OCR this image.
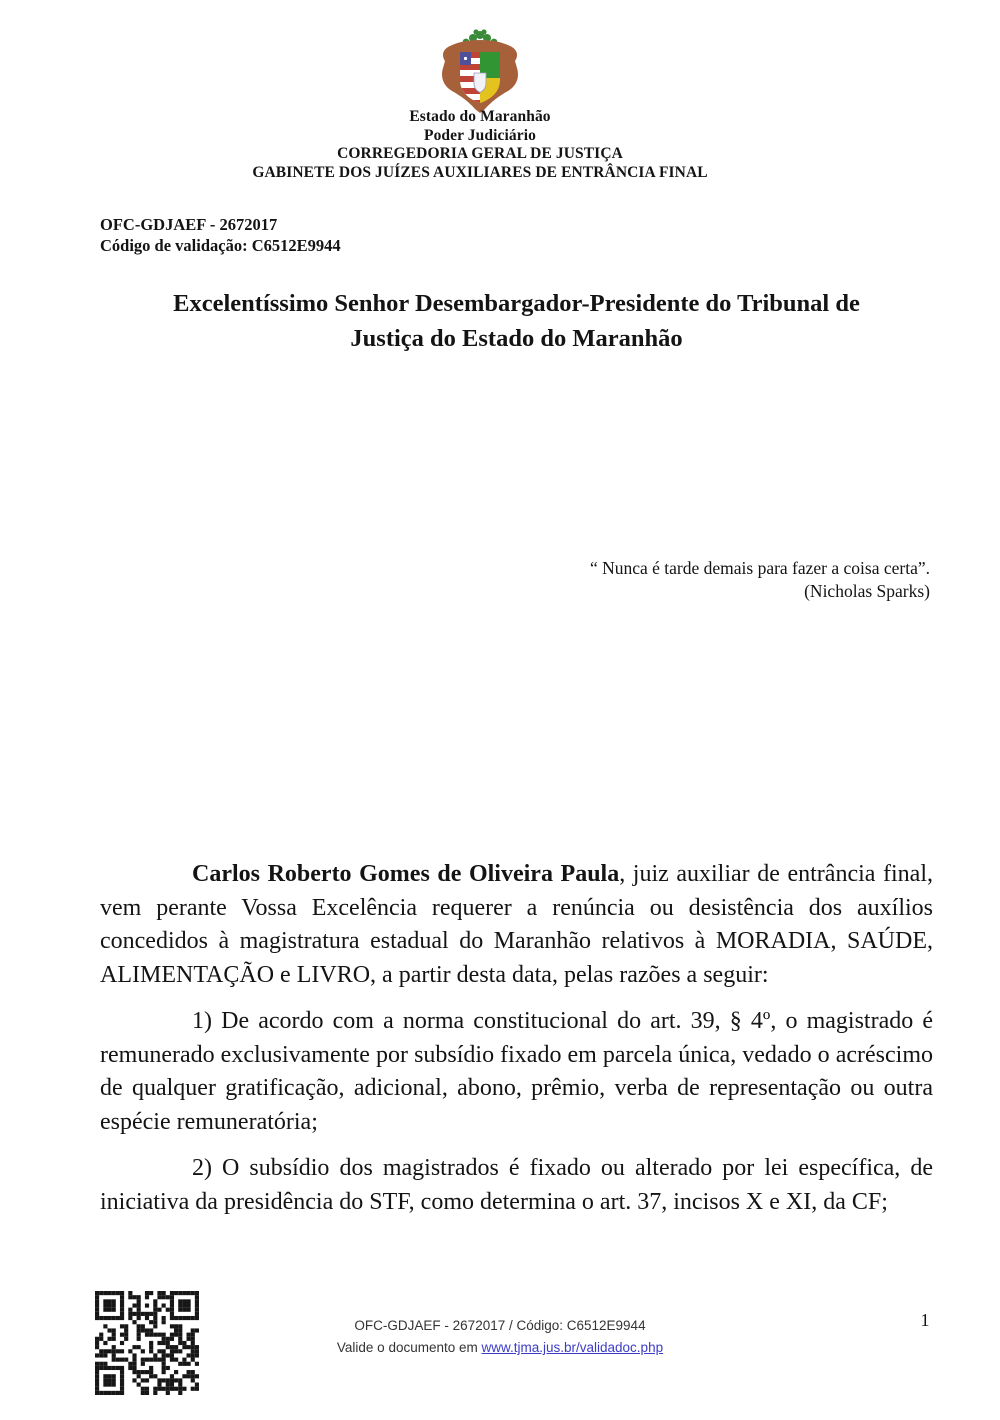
Estado do Maranhão
Poder Judiciário
CORREGEDORIA GERAL DE JUSTIÇA
GABINETE DOS JUÍZES AUXILIARES DE ENTRÂNCIA FINAL
OFC-GDJAEF - 2672017
Código de validação: C6512E9944
Excelentíssimo Senhor Desembargador-Presidente do Tribunal de
Justiça do Estado do Maranhão
“ Nunca é tarde demais para fazer a coisa certa”.
(Nicholas Sparks)

Carlos Roberto Gomes de Oliveira Paula, juiz auxiliar de entrância final, vem perante Vossa Excelência requerer a renúncia ou desistência dos auxílios concedidos à magistratura estadual do Maranhão relativos à MORADIA, SAÚDE, ALIMENTAÇÃO e LIVRO, a partir desta data, pelas razões a seguir:

1) De acordo com a norma constitucional do art. 39, § 4º, o magistrado é remunerado exclusivamente por subsídio fixado em parcela única, vedado o acréscimo de qualquer gratificação, adicional, abono, prêmio, verba de representação ou outra espécie remuneratória;

2) O subsídio dos magistrados é fixado ou alterado por lei específica, de iniciativa da presidência do STF, como determina o art. 37, incisos X e XI, da CF;

OFC-GDJAEF - 2672017 / Código: C6512E9944
Valide o documento em www.tjma.jus.br/validadoc.php
1
